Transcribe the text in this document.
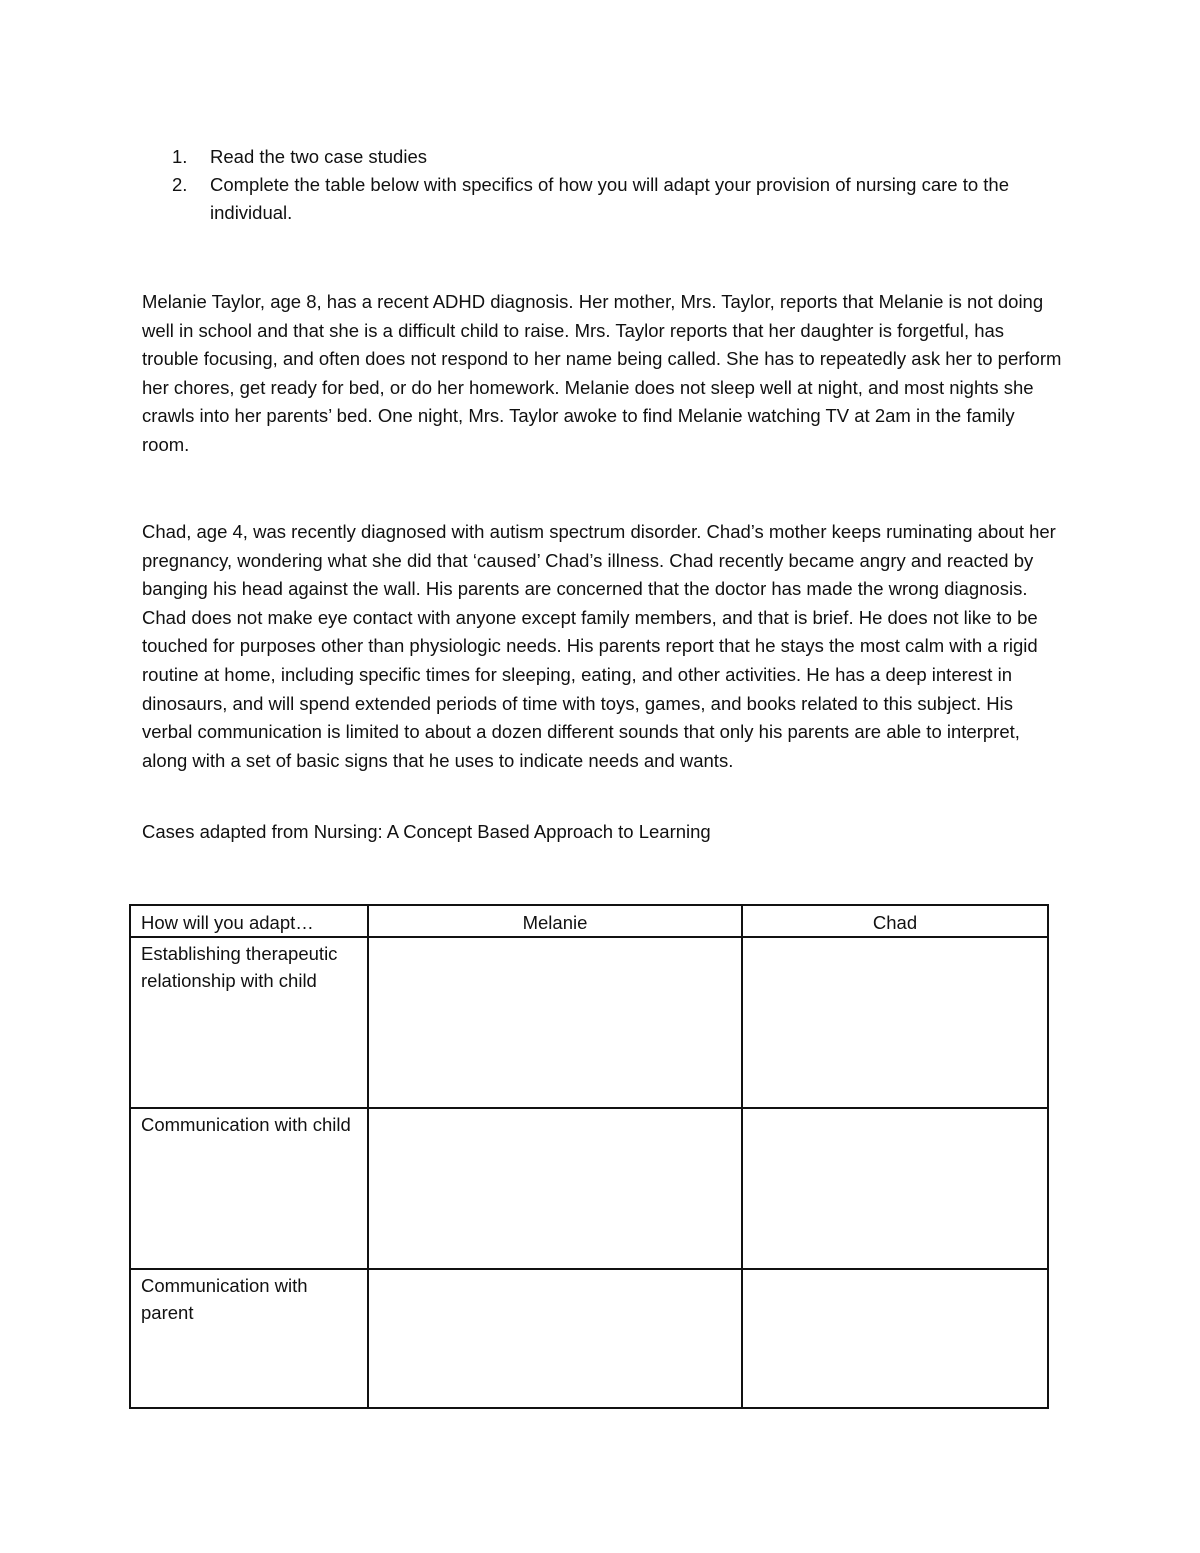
1. Read the two case studies
2. Complete the table below with specifics of how you will adapt your provision of nursing care to the individual.

Melanie Taylor, age 8, has a recent ADHD diagnosis. Her mother, Mrs. Taylor, reports that Melanie is not doing well in school and that she is a difficult child to raise. Mrs. Taylor reports that her daughter is forgetful, has trouble focusing, and often does not respond to her name being called. She has to repeatedly ask her to perform her chores, get ready for bed, or do her homework. Melanie does not sleep well at night, and most nights she crawls into her parents’ bed. One night, Mrs. Taylor awoke to find Melanie watching TV at 2am in the family room.

Chad, age 4, was recently diagnosed with autism spectrum disorder. Chad’s mother keeps ruminating about her pregnancy, wondering what she did that ‘caused’ Chad’s illness. Chad recently became angry and reacted by banging his head against the wall. His parents are concerned that the doctor has made the wrong diagnosis. Chad does not make eye contact with anyone except family members, and that is brief. He does not like to be touched for purposes other than physiologic needs. His parents report that he stays the most calm with a rigid routine at home, including specific times for sleeping, eating, and other activities. He has a deep interest in dinosaurs, and will spend extended periods of time with toys, games, and books related to this subject. His verbal communication is limited to about a dozen different sounds that only his parents are able to interpret, along with a set of basic signs that he uses to indicate needs and wants.

Cases adapted from Nursing: A Concept Based Approach to Learning

How will you adapt…	Melanie	Chad
Establishing therapeutic relationship with child		
Communication with child		
Communication with parent		
